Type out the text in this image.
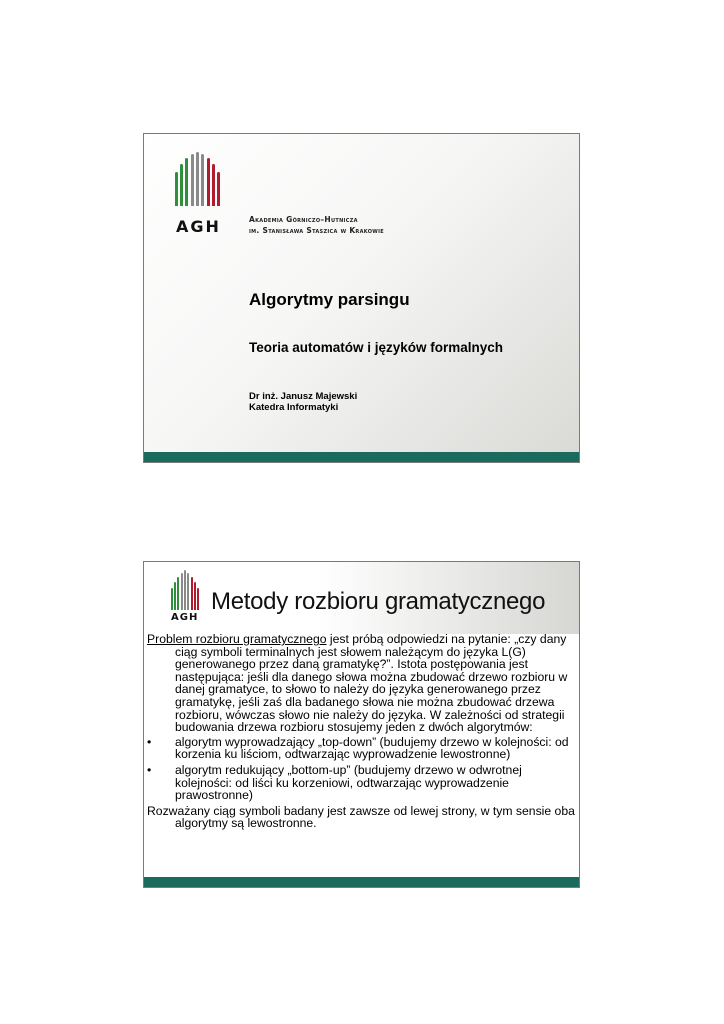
AGH	Akademia Górniczo–Hutnicza
im. Stanisława Staszica w Krakowie
Algorytmy parsingu
Teoria automatów i języków formalnych
Dr inż. Janusz Majewski
Katedra Informatyki
AGH
Metody rozbioru gramatycznego

Problem rozbioru gramatycznego jest próbą odpowiedzi na pytanie: „czy dany ciąg symboli terminalnych jest słowem należącym do języka L(G) generowanego przez daną gramatykę?”. Istota postępowania jest następująca: jeśli dla danego słowa można zbudować drzewo rozbioru w danej gramatyce, to słowo to należy do języka generowanego przez gramatykę, jeśli zaś dla badanego słowa nie można zbudować drzewa rozbioru, wówczas słowo nie należy do języka. W zależności od strategii budowania drzewa rozbioru stosujemy jeden z dwóch algorytmów:

• algorytm wyprowadzający „top-down” (budujemy drzewo w kolejności: od korzenia ku liściom, odtwarzając wyprowadzenie lewostronne)
• algorytm redukujący „bottom-up” (budujemy drzewo w odwrotnej kolejności: od liści ku korzeniowi, odtwarzając wyprowadzenie prawostronne)

Rozważany ciąg symboli badany jest zawsze od lewej strony, w tym sensie oba algorytmy są lewostronne.
